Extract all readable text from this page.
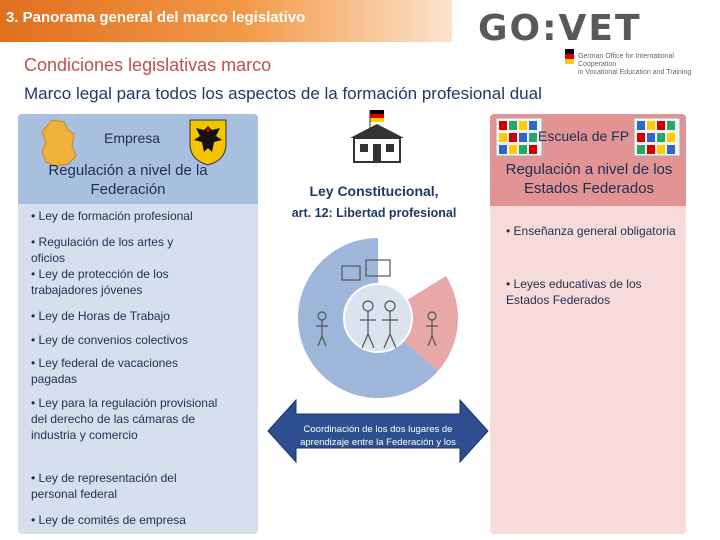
3. Panorama general del marco legislativo	GO:VET
German Office for International Cooperation
in Vocational Education and Training
Condiciones legislativas marco
Marco legal para todos los aspectos de la formación profesional dual
Empresa
Regulación a nivel de la Federación
• Ley de formación profesional
• Regulación de los artes y oficios
• Ley de protección de los trabajadores jóvenes
• Ley de Horas de Trabajo
• Ley de convenios colectivos
• Ley federal de vacaciones pagadas
• Ley para la regulación provisional del derecho de las cámaras de industria y comercio
• Ley de representación del personal federal
• Ley de comités de empresa
Ley Constitucional,
art. 12: Libertad profesional
Coordinación de los dos lugares de aprendizaje entre la Federación y los Estados Federados
Escuela de FP
Regulación a nivel de los Estados Federados
• Enseñanza general obligatoria
• Leyes educativas de los Estados Federados
